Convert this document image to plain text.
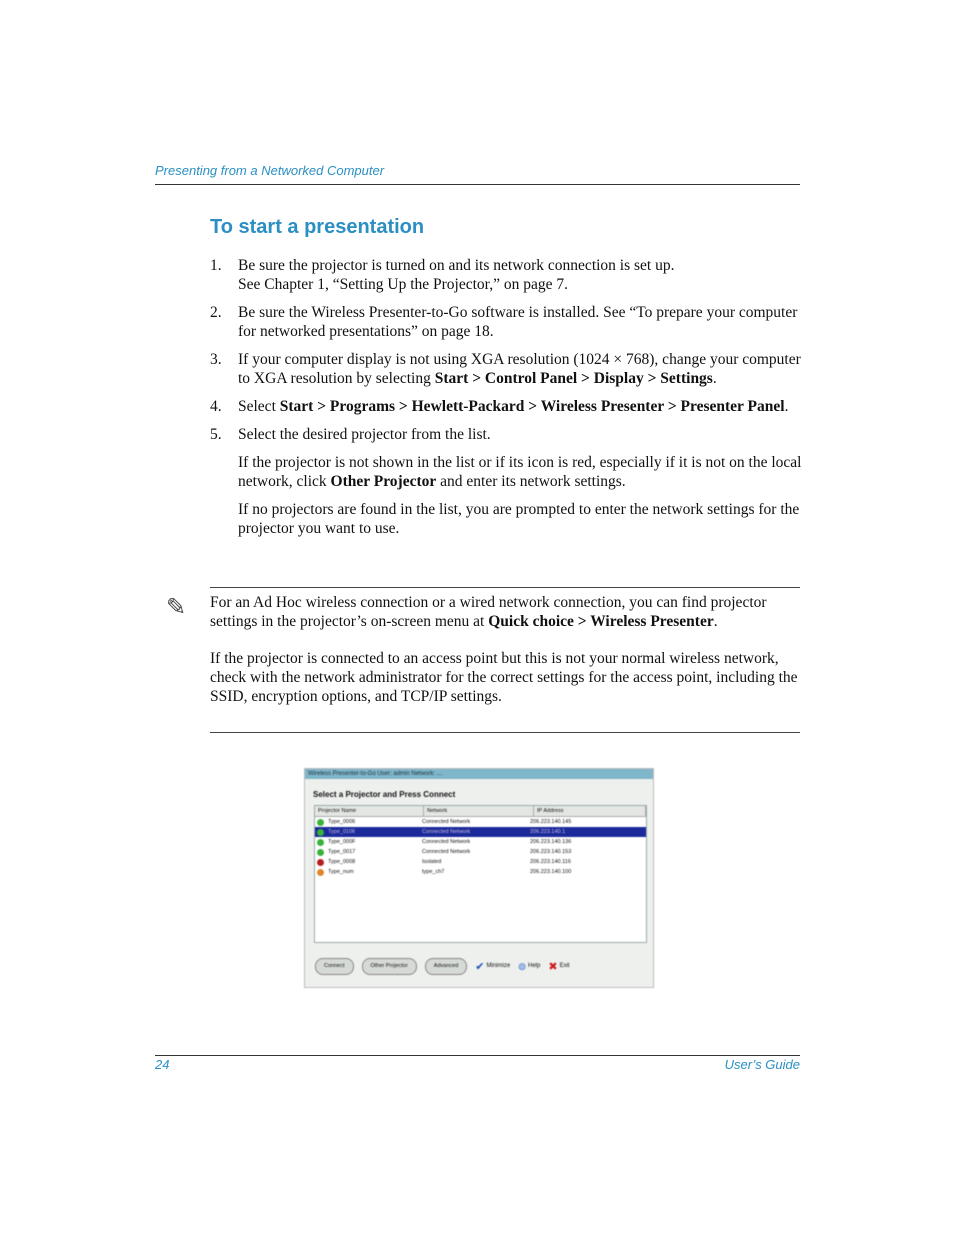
Presenting from a Networked Computer
To start a presentation
1.	Be sure the projector is turned on and its network connection is set up.
See Chapter 1, “Setting Up the Projector,” on page 7.

2.	Be sure the Wireless Presenter-to-Go software is installed. See “To prepare your computer for networked presentations” on page 18.

3.	If your computer display is not using XGA resolution (1024 × 768), change your computer to XGA resolution by selecting Start > Control Panel > Display > Settings.

4.	Select Start > Programs > Hewlett-Packard > Wireless Presenter > Presenter Panel.

5.	Select the desired projector from the list.

If the projector is not shown in the list or if its icon is red, especially if it is not on the local network, click Other Projector and enter its network settings.

If no projectors are found in the list, you are prompted to enter the network settings for the projector you want to use.

✎ For an Ad Hoc wireless connection or a wired network connection, you can find projector settings in the projector’s on-screen menu at Quick choice > Wireless Presenter.

If the projector is connected to an access point but this is not your normal wireless network, check with the network administrator for the correct settings for the access point, including the SSID, encryption options, and TCP/IP settings.

Wireless Presenter-to-Go User: admin Network: ...
Select a Projector and Press Connect
Projector Name	Network	IP Address
Type_0006	Connected Network	206.223.140.145
Type_0106	Connected Network	206.223.140.1
Type_000F	Connected Network	206.223.140.136
Type_0017	Connected Network	206.223.140.153
Type_0008	Isolated	206.223.140.116
Type_num	type_ch7	206.223.140.100
Connect	Other Projector	Advanced	✔ Minimize ◍ Help ✖ Exit
24	User’s Guide
